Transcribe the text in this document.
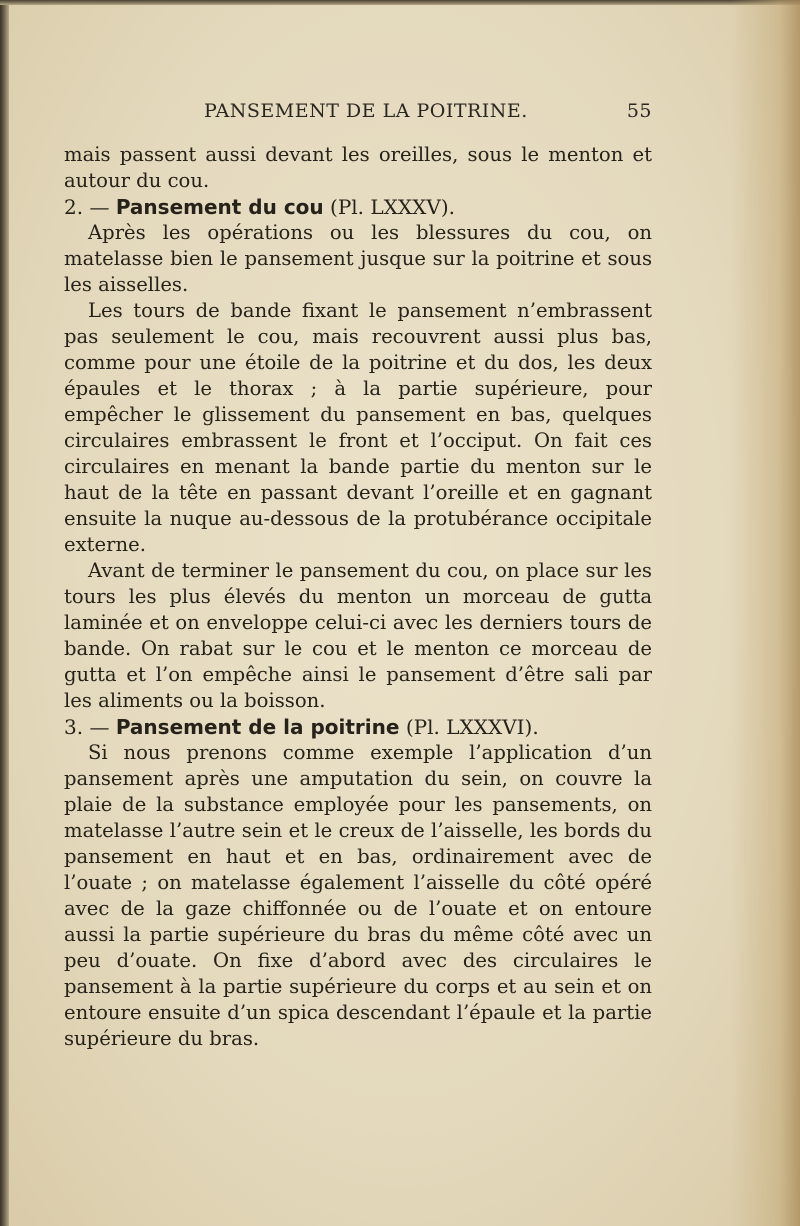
PANSEMENT DE LA POITRINE.	55

mais passent aussi devant les oreilles, sous le menton et autour du cou.

2. — Pansement du cou (Pl. LXXXV).

Après les opérations ou les blessures du cou, on matelasse bien le pansement jusque sur la poitrine et sous les aisselles.

Les tours de bande fixant le pansement n’embrassent pas seulement le cou, mais recouvrent aussi plus bas, comme pour une étoile de la poitrine et du dos, les deux épaules et le thorax ; à la partie supérieure, pour empêcher le glissement du pansement en bas, quelques circulaires embrassent le front et l’occiput. On fait ces circulaires en menant la bande partie du menton sur le haut de la tête en passant devant l’oreille et en gagnant ensuite la nuque au-dessous de la protubérance occipitale externe.

Avant de terminer le pansement du cou, on place sur les tours les plus élevés du menton un morceau de gutta laminée et on enveloppe celui-ci avec les derniers tours de bande. On rabat sur le cou et le menton ce morceau de gutta et l’on empêche ainsi le pansement d’être sali par les aliments ou la boisson.

3. — Pansement de la poitrine (Pl. LXXXVI).

Si nous prenons comme exemple l’application d’un pansement après une amputation du sein, on couvre la plaie de la substance employée pour les pansements, on matelasse l’autre sein et le creux de l’aisselle, les bords du pansement en haut et en bas, ordinairement avec de l’ouate ; on matelasse également l’aisselle du côté opéré avec de la gaze chiffonnée ou de l’ouate et on entoure aussi la partie supérieure du bras du même côté avec un peu d’ouate. On fixe d’abord avec des circulaires le pansement à la partie supérieure du corps et au sein et on entoure ensuite d’un spica descendant l’épaule et la partie supérieure du bras.
